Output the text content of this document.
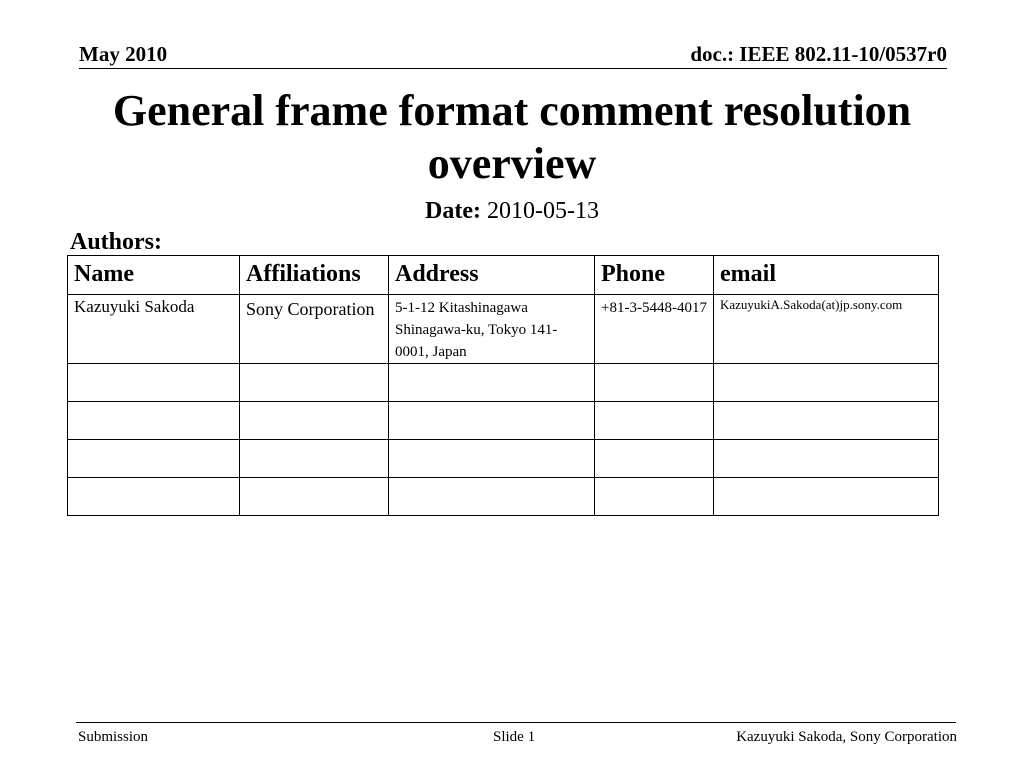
May 2010	doc.: IEEE 802.11-10/0537r0
General frame format comment resolution overview
Date: 2010-05-13
Authors:
Name	Affiliations	Address	Phone	email
Kazuyuki Sakoda	Sony Corporation	5-1-12 Kitashinagawa Shinagawa-ku, Tokyo 141-0001, Japan	+81-3-5448-4017	KazuyukiA.Sakoda(at)jp.sony.com

Submission	Slide 1	Kazuyuki Sakoda, Sony Corporation
